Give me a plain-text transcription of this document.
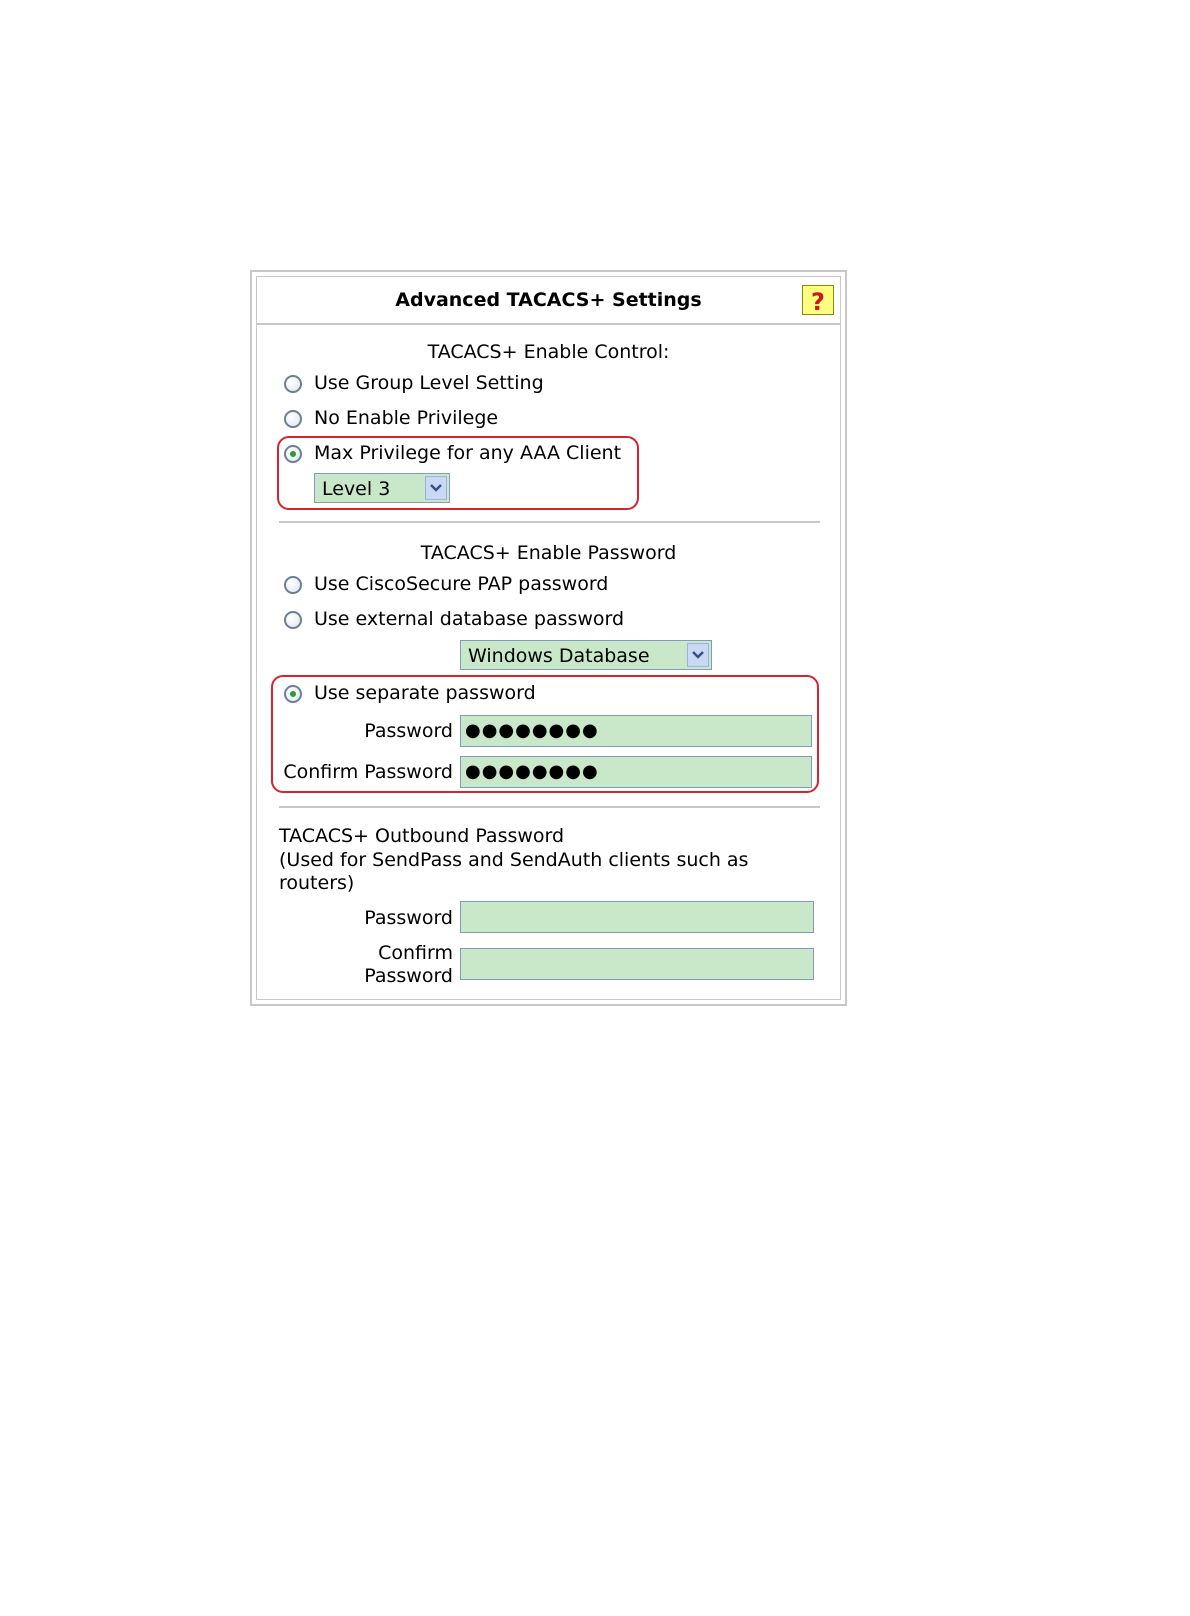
Advanced TACACS+ Settings	?
TACACS+ Enable Control:
Use Group Level Setting
No Enable Privilege
Max Privilege for any AAA Client
Level 3
TACACS+ Enable Password
Use CiscoSecure PAP password
Use external database password
Windows Database
Use separate password
Password ●●●●●●●●
Confirm Password ●●●●●●●●
TACACS+ Outbound Password
(Used for SendPass and SendAuth clients such as
routers)
Password
Confirm
Password
